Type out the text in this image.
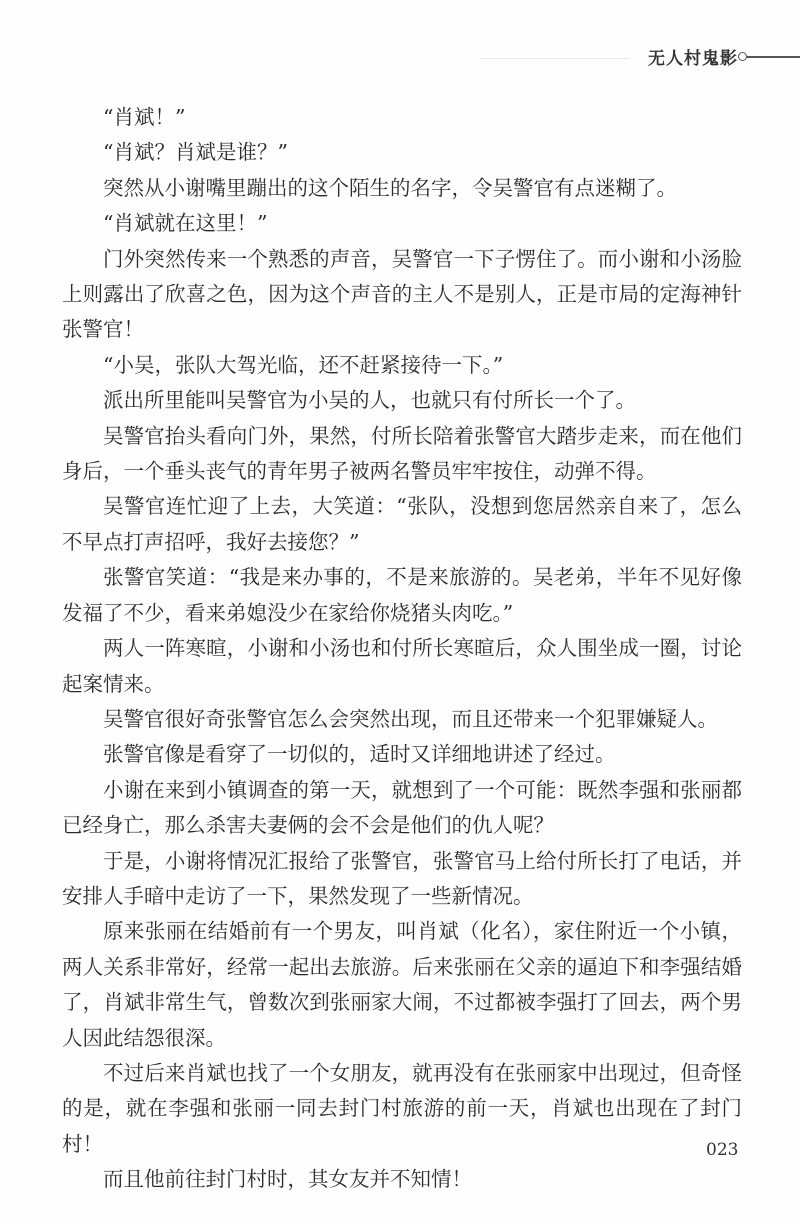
无人村鬼影

“肖斌！”

“肖斌？肖斌是谁？”

突然从小谢嘴里蹦出的这个陌生的名字，令吴警官有点迷糊了。

“肖斌就在这里！”

门外突然传来一个熟悉的声音，吴警官一下子愣住了。而小谢和小汤脸上则露出了欣喜之色，因为这个声音的主人不是别人，正是市局的定海神针张警官！

“小吴，张队大驾光临，还不赶紧接待一下。”

派出所里能叫吴警官为小吴的人，也就只有付所长一个了。

吴警官抬头看向门外，果然，付所长陪着张警官大踏步走来，而在他们身后，一个垂头丧气的青年男子被两名警员牢牢按住，动弹不得。

吴警官连忙迎了上去，大笑道：“张队，没想到您居然亲自来了，怎么不早点打声招呼，我好去接您？”

张警官笑道：“我是来办事的，不是来旅游的。吴老弟，半年不见好像发福了不少，看来弟媳没少在家给你烧猪头肉吃。”

两人一阵寒暄，小谢和小汤也和付所长寒暄后，众人围坐成一圈，讨论起案情来。

吴警官很好奇张警官怎么会突然出现，而且还带来一个犯罪嫌疑人。

张警官像是看穿了一切似的，适时又详细地讲述了经过。

小谢在来到小镇调查的第一天，就想到了一个可能：既然李强和张丽都已经身亡，那么杀害夫妻俩的会不会是他们的仇人呢？

于是，小谢将情况汇报给了张警官，张警官马上给付所长打了电话，并安排人手暗中走访了一下，果然发现了一些新情况。

原来张丽在结婚前有一个男友，叫肖斌（化名），家住附近一个小镇，两人关系非常好，经常一起出去旅游。后来张丽在父亲的逼迫下和李强结婚了，肖斌非常生气，曾数次到张丽家大闹，不过都被李强打了回去，两个男人因此结怨很深。

不过后来肖斌也找了一个女朋友，就再没有在张丽家中出现过，但奇怪的是，就在李强和张丽一同去封门村旅游的前一天，肖斌也出现在了封门村！

而且他前往封门村时，其女友并不知情！

023
